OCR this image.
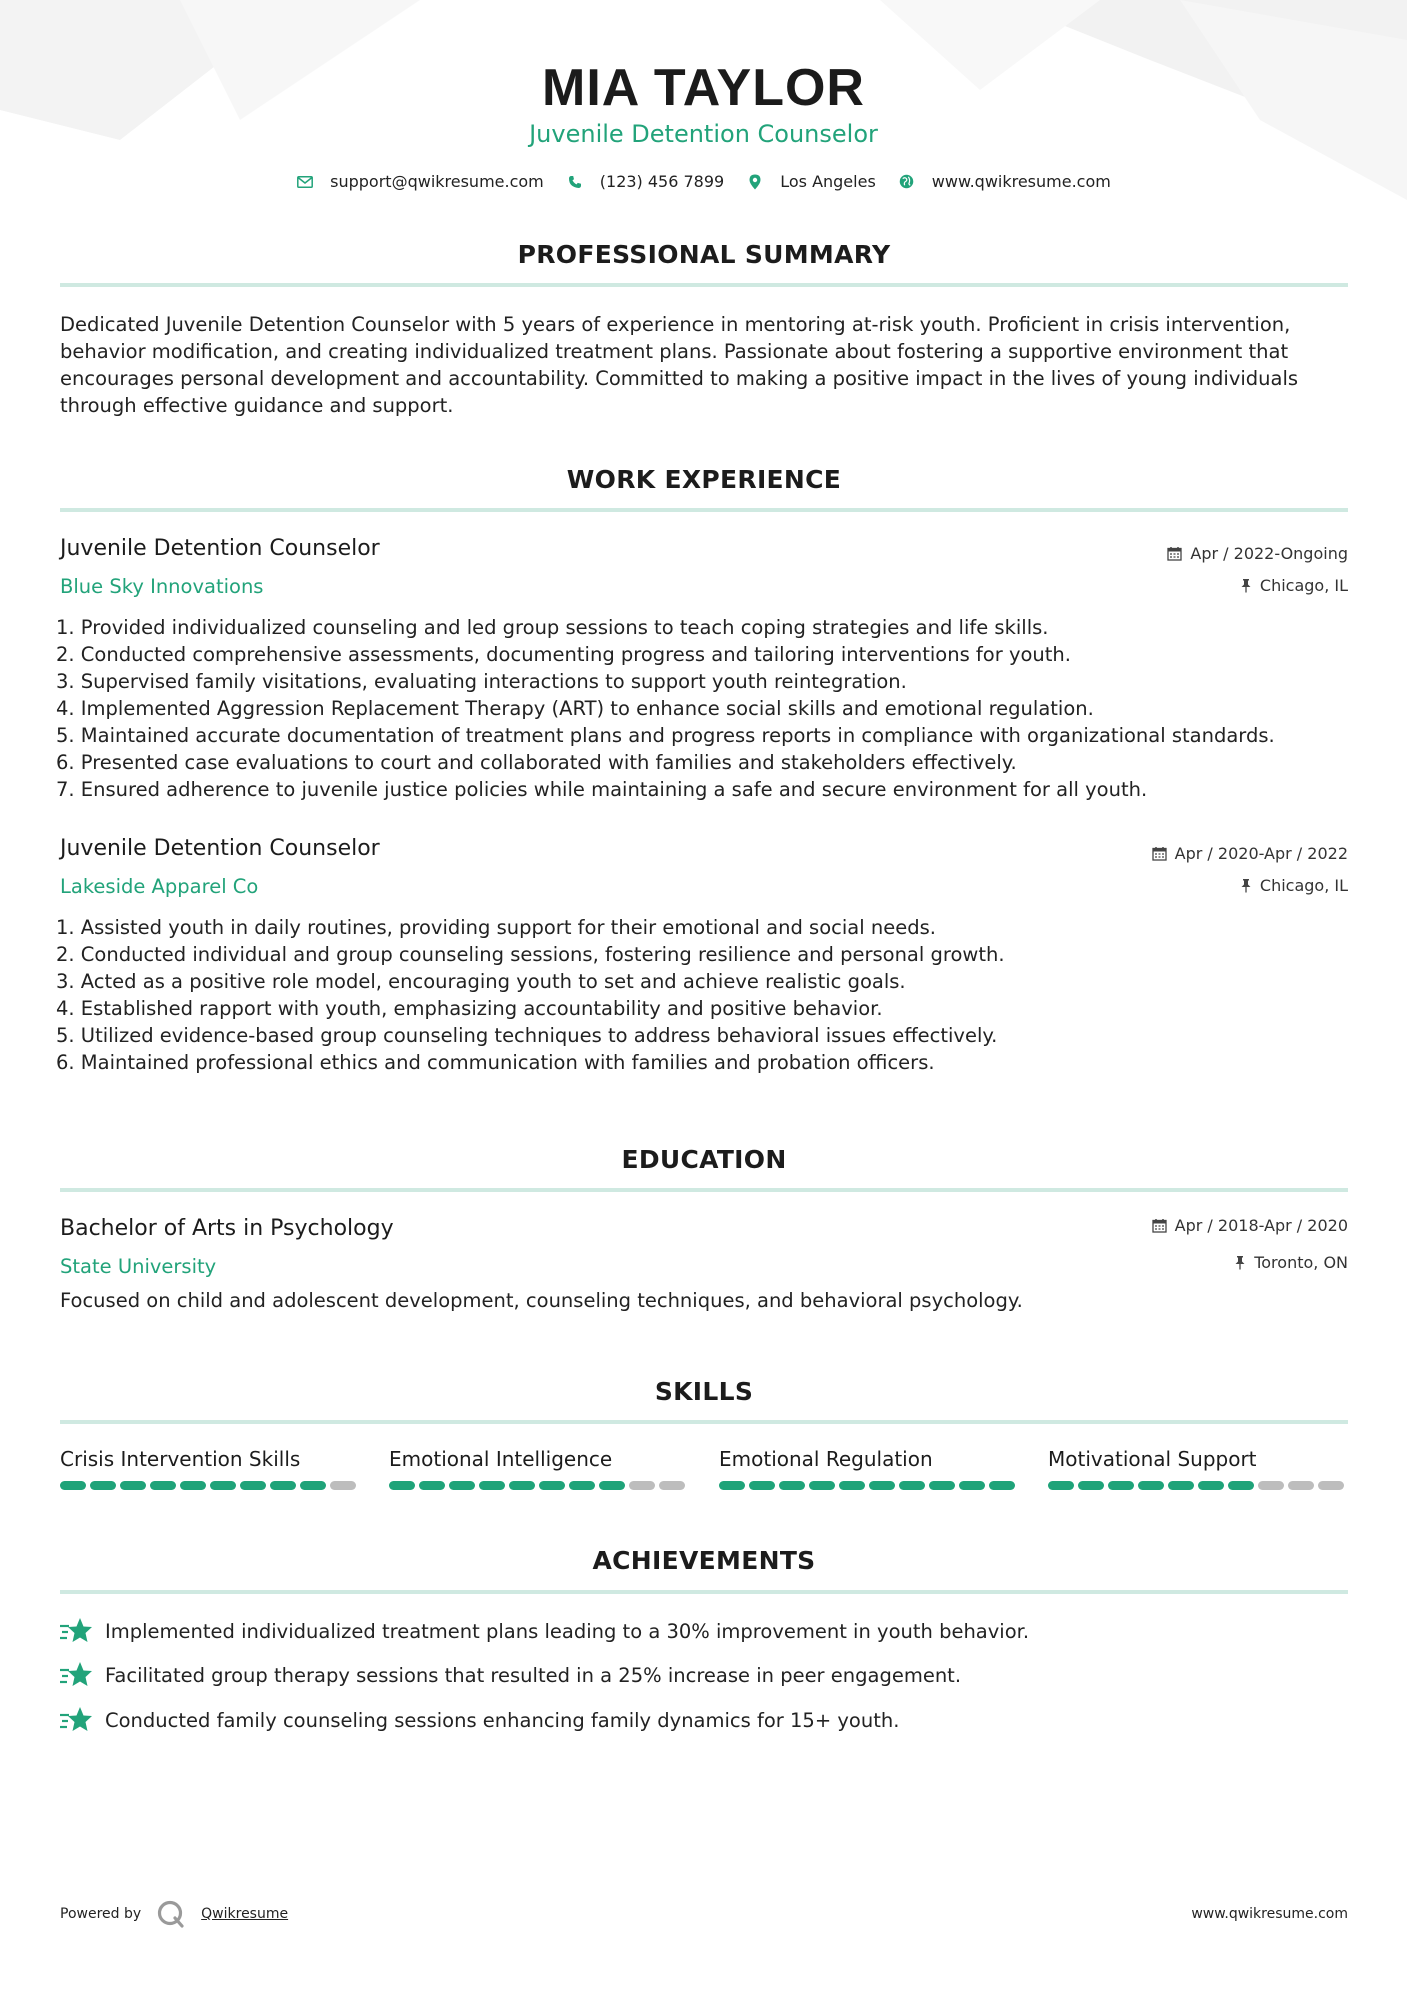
MIA TAYLOR
Juvenile Detention Counselor
support@qwikresume.com	(123) 456 7899	Los Angeles	www.qwikresume.com
PROFESSIONAL SUMMARY
Dedicated Juvenile Detention Counselor with 5 years of experience in mentoring at-risk youth. Proficient in crisis intervention, behavior modification, and creating individualized treatment plans. Passionate about fostering a supportive environment that encourages personal development and accountability. Committed to making a positive impact in the lives of young individuals through effective guidance and support.
WORK EXPERIENCE
Juvenile Detention Counselor
Blue Sky Innovations
Apr / 2022-Ongoing
Chicago, IL
1. Provided individualized counseling and led group sessions to teach coping strategies and life skills.
2. Conducted comprehensive assessments, documenting progress and tailoring interventions for youth.
3. Supervised family visitations, evaluating interactions to support youth reintegration.
4. Implemented Aggression Replacement Therapy (ART) to enhance social skills and emotional regulation.
5. Maintained accurate documentation of treatment plans and progress reports in compliance with organizational standards.
6. Presented case evaluations to court and collaborated with families and stakeholders effectively.
7. Ensured adherence to juvenile justice policies while maintaining a safe and secure environment for all youth.
Juvenile Detention Counselor
Lakeside Apparel Co
Apr / 2020-Apr / 2022
Chicago, IL
1. Assisted youth in daily routines, providing support for their emotional and social needs.
2. Conducted individual and group counseling sessions, fostering resilience and personal growth.
3. Acted as a positive role model, encouraging youth to set and achieve realistic goals.
4. Established rapport with youth, emphasizing accountability and positive behavior.
5. Utilized evidence-based group counseling techniques to address behavioral issues effectively.
6. Maintained professional ethics and communication with families and probation officers.
EDUCATION
Bachelor of Arts in Psychology
State University
Apr / 2018-Apr / 2020
Toronto, ON
Focused on child and adolescent development, counseling techniques, and behavioral psychology.
SKILLS
Crisis Intervention Skills	Emotional Intelligence	Emotional Regulation	Motivational Support
ACHIEVEMENTS
Implemented individualized treatment plans leading to a 30% improvement in youth behavior.
Facilitated group therapy sessions that resulted in a 25% increase in peer engagement.
Conducted family counseling sessions enhancing family dynamics for 15+ youth.
Powered by	Qwikresume	www.qwikresume.com
